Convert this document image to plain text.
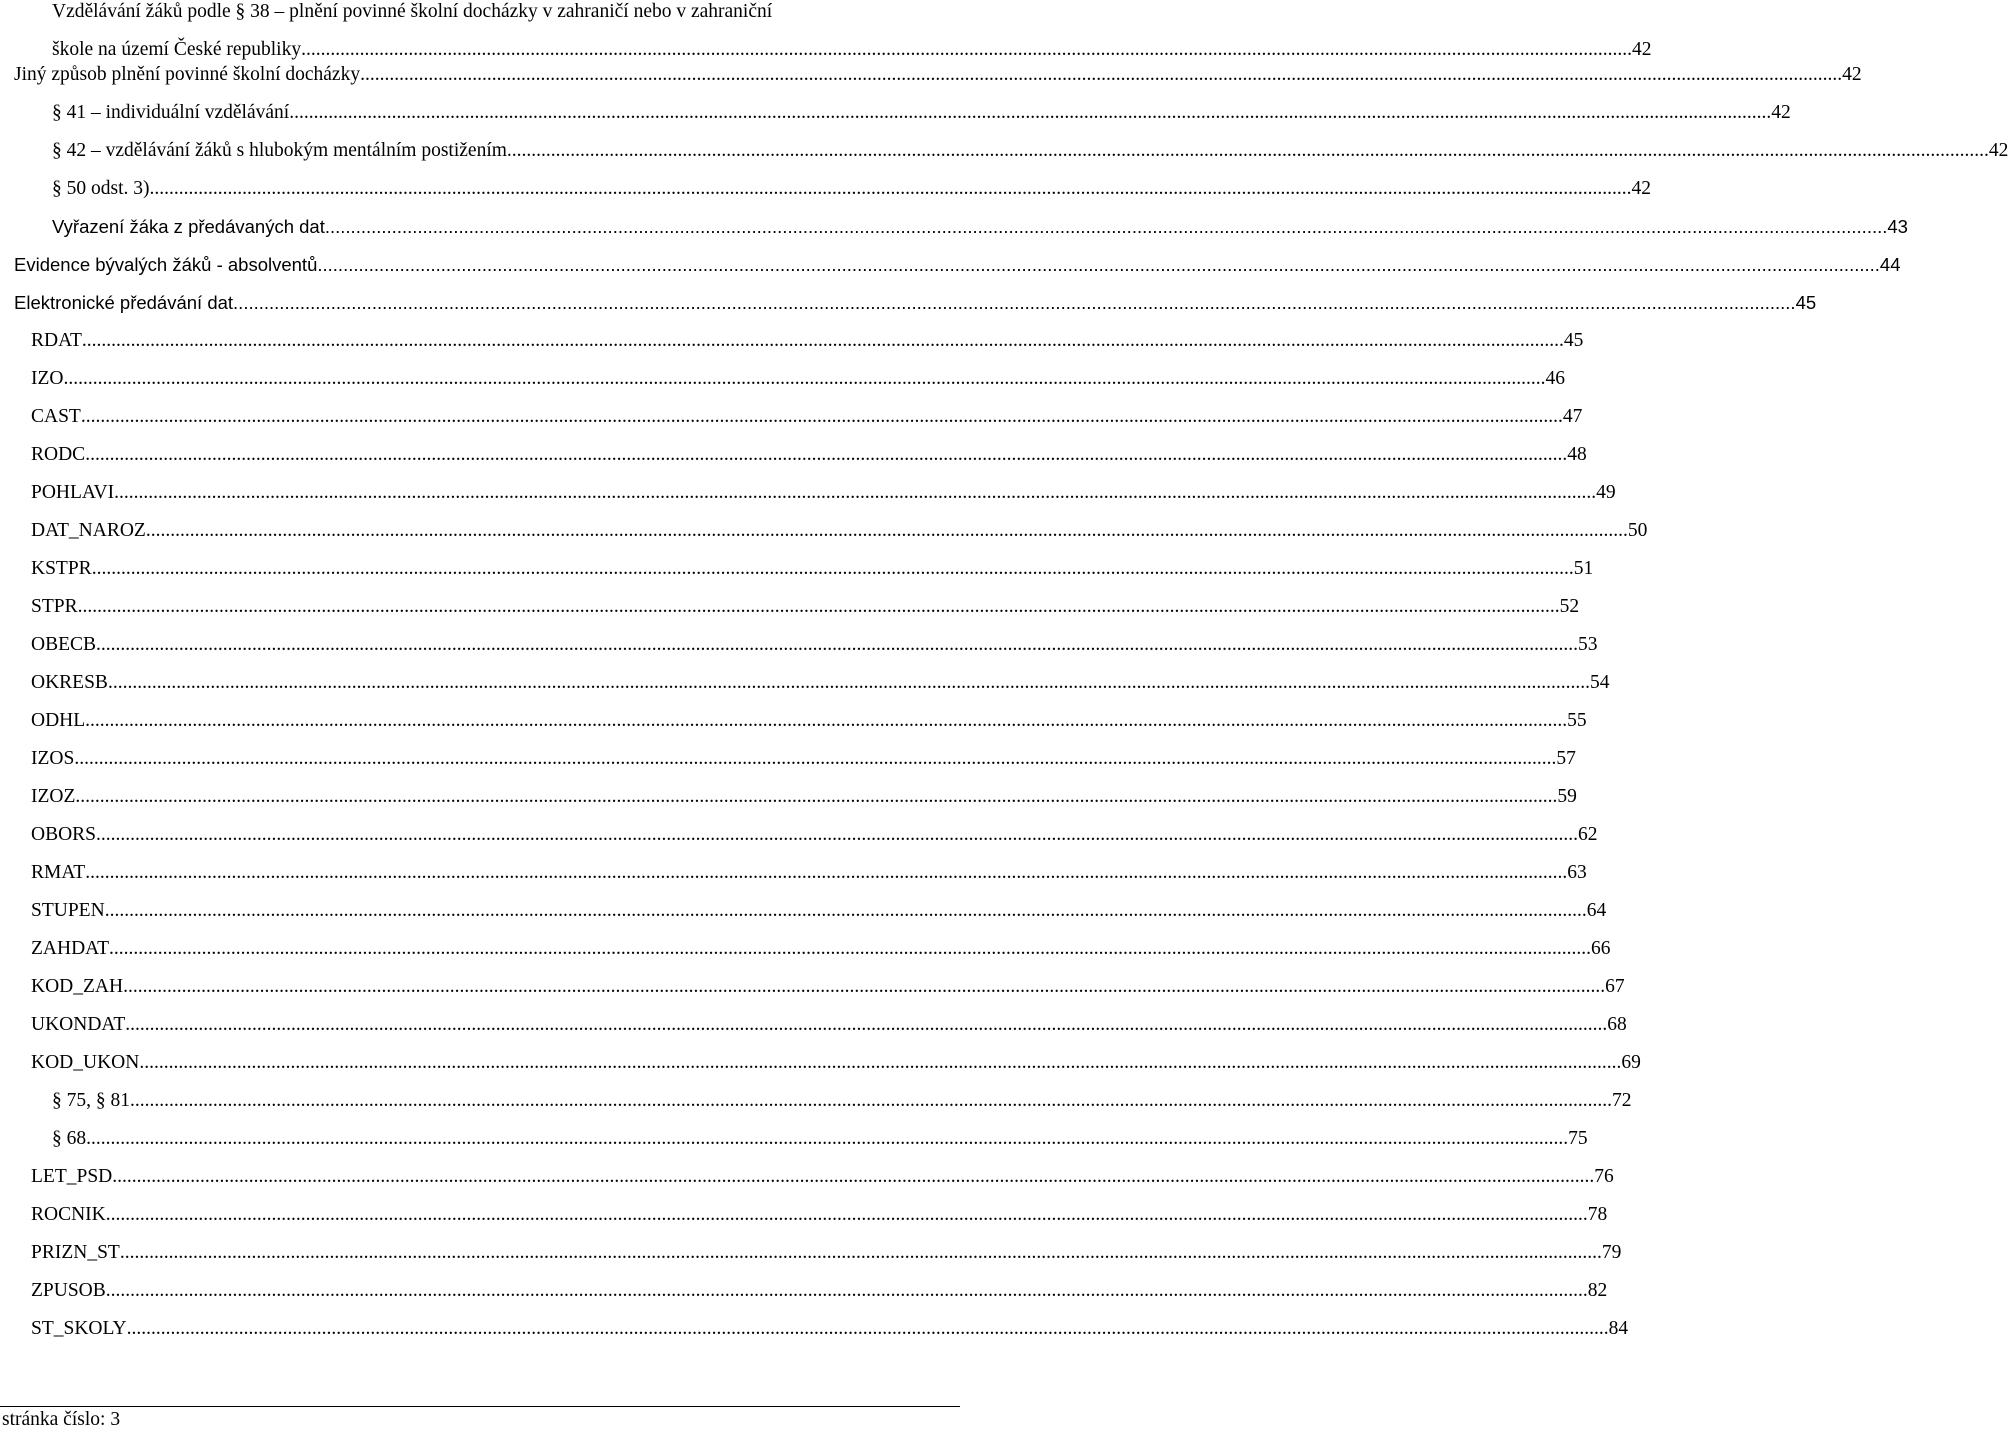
Vzdělávání žáků podle § 38 – plnění povinné školní docházky v zahraničí nebo v zahraniční
škole na území České republiky ................................................................................................................................................................................................................................................................................. 42
Jiný způsob plnění povinné školní docházky .....	42
§ 41 – individuální vzdělávání .....	42
§ 42 – vzdělávání žáků s hlubokým mentálním postižením .....	42
§ 50 odst. 3) .....	42
Vyřazení žáka z předávaných dat .....	43
Evidence bývalých žáků - absolventů .....	44
Elektronické předávání dat .....	45
RDAT .....	45
IZO .....	46
CAST .....	47
RODC .....	48
POHLAVI .....	49
DAT_NAROZ .....	50
KSTPR .....	51
STPR .....	52
OBECB .....	53
OKRESB .....	54
ODHL .....	55
IZOS .....	57
IZOZ .....	59
OBORS .....	62
RMAT .....	63
STUPEN .....	64
ZAHDAT .....	66
KOD_ZAH .....	67
UKONDAT .....	68
KOD_UKON .....	69
§ 75, § 81 .....	72
§ 68 .....	75
LET_PSD .....	76
ROCNIK .....	78
PRIZN_ST .....	79
ZPUSOB .....	82
ST_SKOLY .....	84
stránka číslo: 3
